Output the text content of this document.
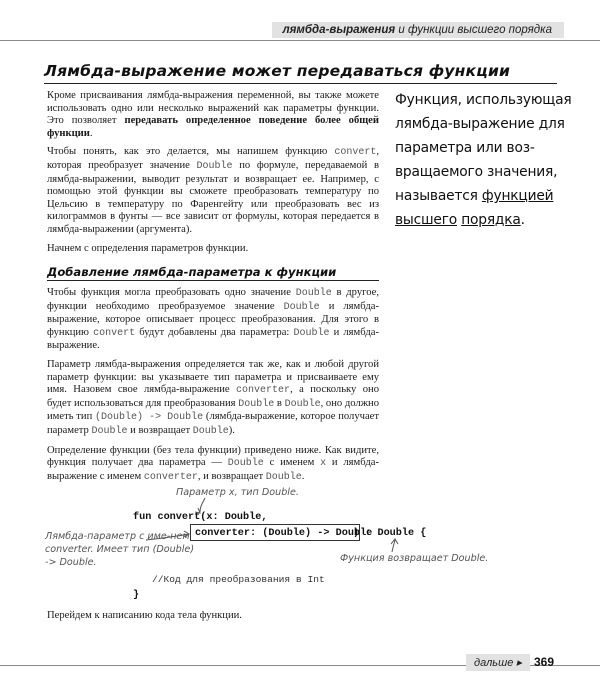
лямбда-выражения и функции высшего порядка
Лямбда-выражение может передаваться функции

Кроме присваивания лямбда-выражения переменной, вы также можете использовать одно или несколько выражений как параметры функции. Это позволяет передавать определенное поведение более общей функции.

Чтобы понять, как это делается, мы напишем функцию convert, которая преобразует значение Double по формуле, передаваемой в лямбда-выражении, выводит результат и возвращает ее. Например, с помощью этой функции вы сможете преобразовать температуру по Цельсию в температуру по Фаренгейту или преобразовать вес из килограммов в фунты — все зависит от формулы, которая передается в лямбда-выражении (аргумента).

Начнем с определения параметров функции.

Функция, использующая лямбда-выражение для параметра или воз-вращаемого значения, называется функцией высшего порядка.
Добавление лямбда-параметра к функции

Чтобы функция могла преобразовать одно значение Double в другое, функции необходимо преобразуемое значение Double и лямбда-выражение, которое описывает процесс преобразования. Для этого в функцию convert будут добавлены два параметра: Double и лямбда-выражение.

Параметр лямбда-выражения определяется так же, как и любой другой параметр функции: вы указываете тип параметра и присваиваете ему имя. Назовем свое лямбда-выражение converter, а поскольку оно будет использоваться для преобразования Double в Double, оно должно иметь тип (Double) -> Double (лямбда-выражение, которое получает параметр Double и возвращает Double).

Определение функции (без тела функции) приведено ниже. Как видите, функция получает два параметра — Double с именем x и лямбда-выражение с именем converter, и возвращает Double.

Параметр x, тип Double.
fun convert(x: Double,
converter: (Double) -> Double
) : Double {
Лямбда-параметр с име-нем converter. Имеет тип (Double) -> Double.	Функция возвращает Double.
//Код для преобразования в Int
}
Перейдем к написанию кода тела функции.
дальше ▸	369
